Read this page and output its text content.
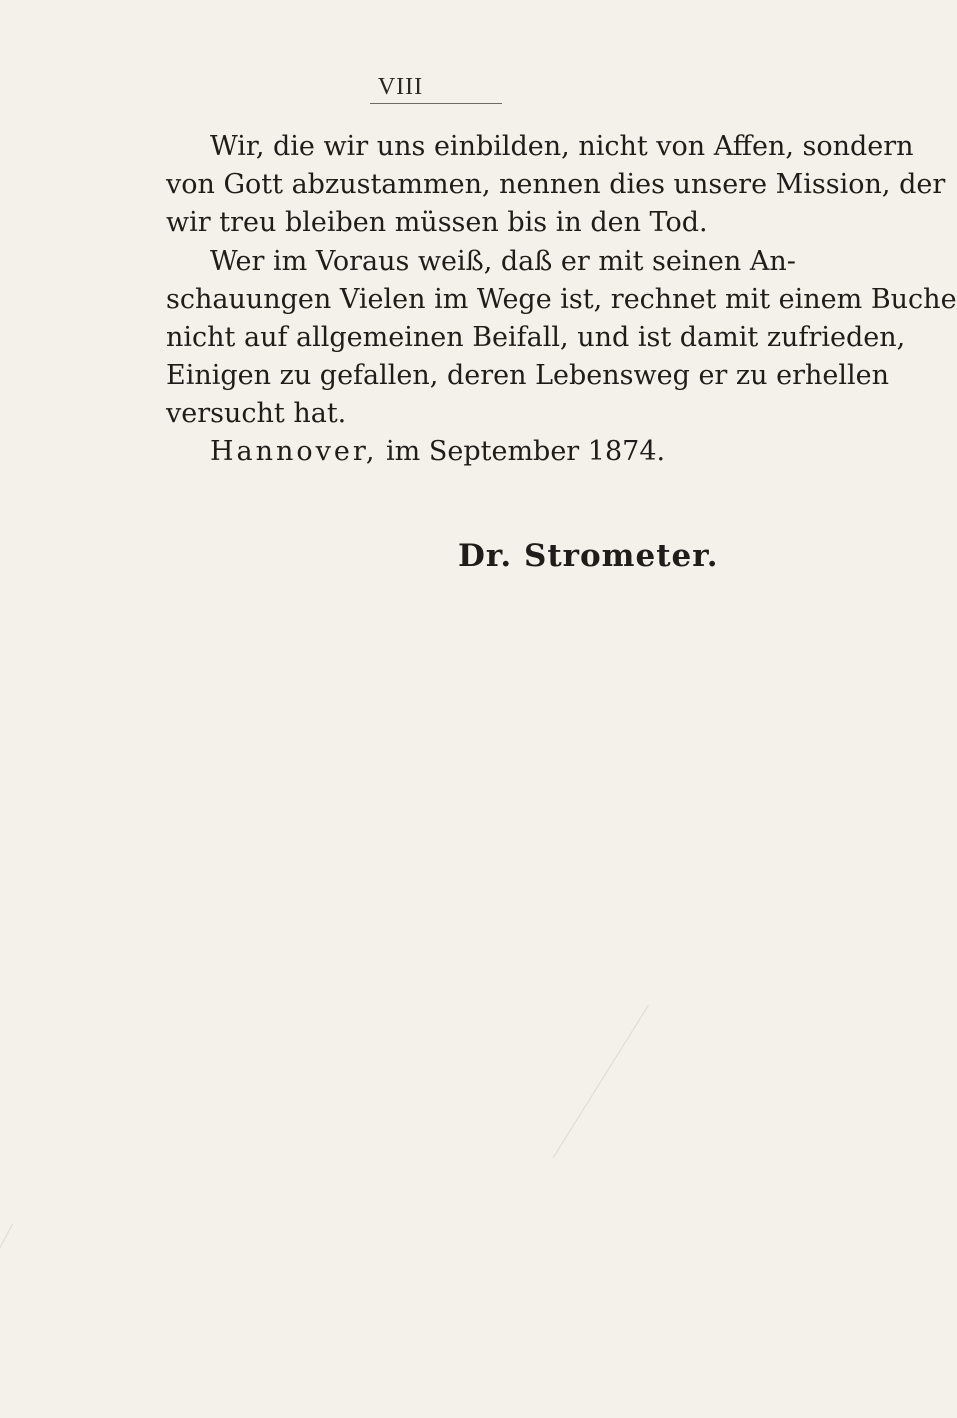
VIII

Wir, die wir uns einbilden, nicht von Affen, sondern
von Gott abzustammen, nennen dies unsere Mission, der
wir treu bleiben müssen bis in den Tod.

Wer im Voraus weiß, daß er mit seinen An-
schauungen Vielen im Wege ist, rechnet mit einem Buche
nicht auf allgemeinen Beifall, und ist damit zufrieden,
Einigen zu gefallen, deren Lebensweg er zu erhellen
versucht hat.

Hannover, im September 1874.
Dr. Strometer.
